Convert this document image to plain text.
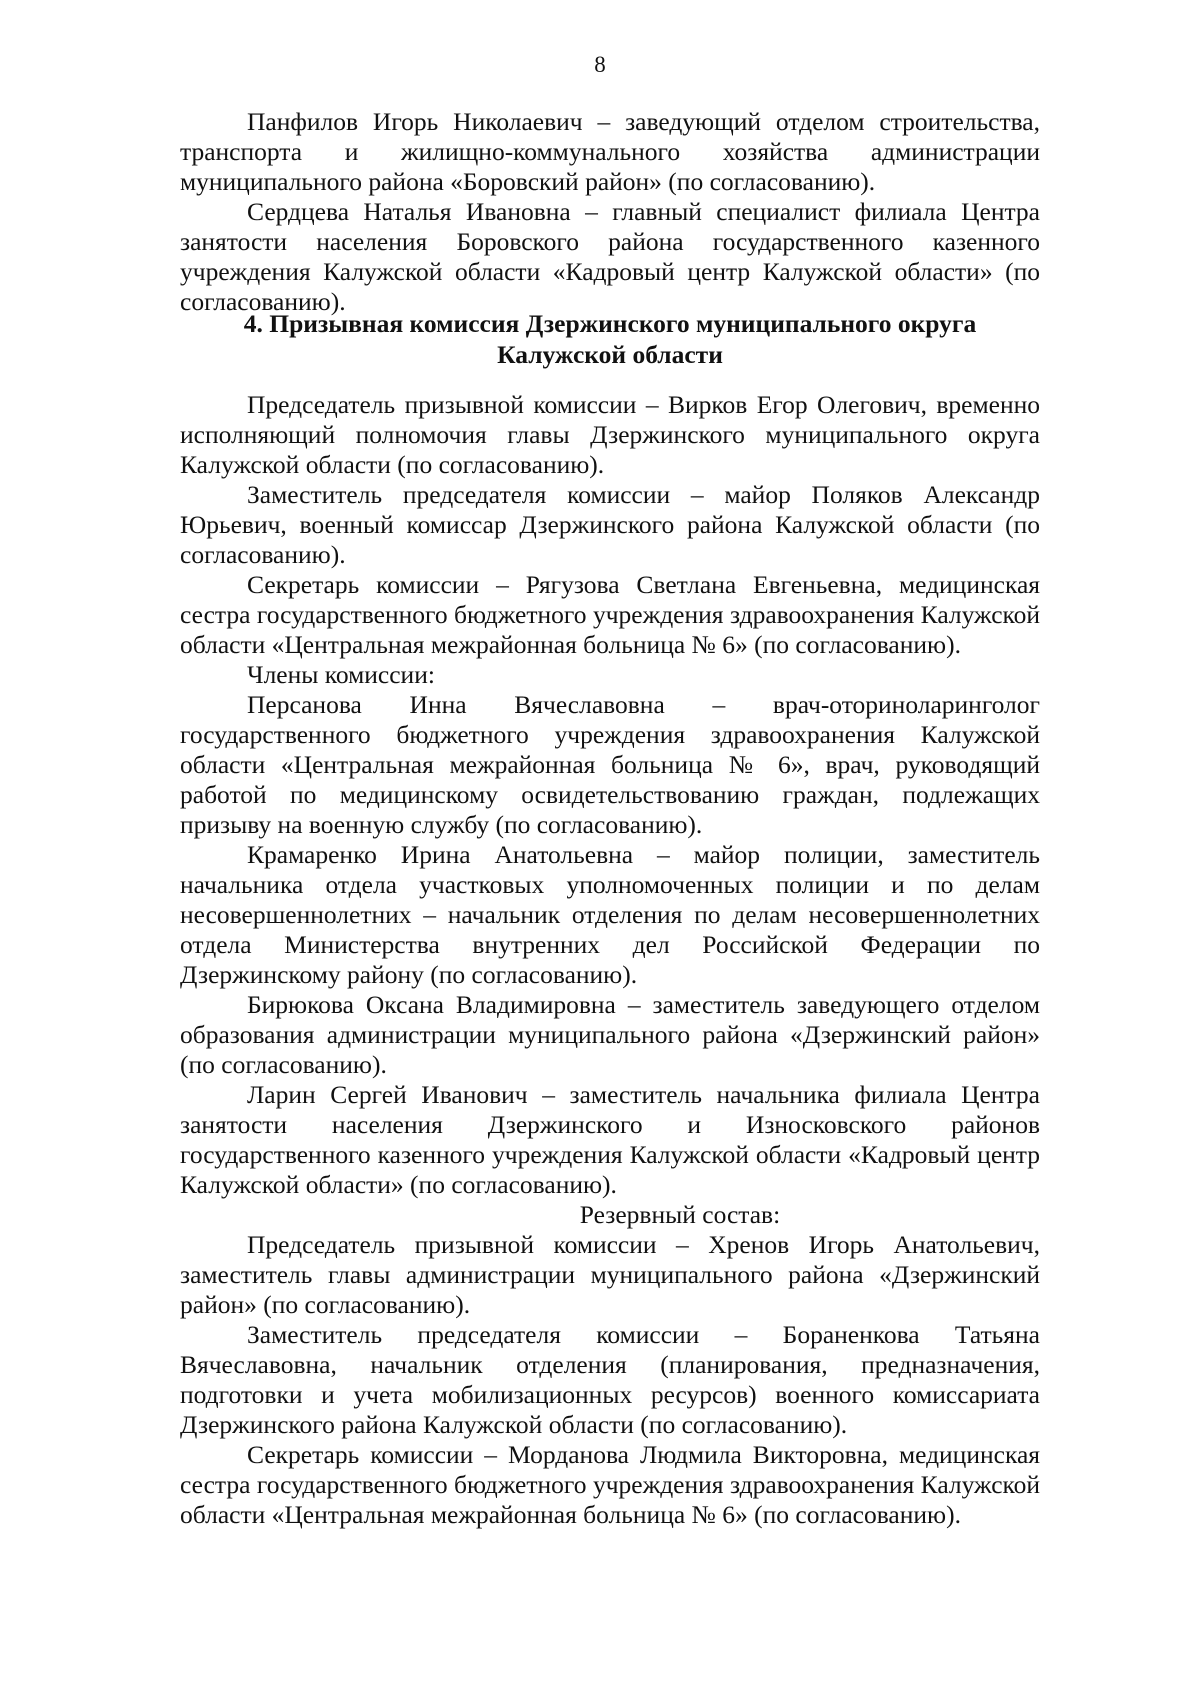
8

Панфилов Игорь Николаевич – заведующий отделом строительства, транспорта и жилищно-коммунального хозяйства администрации муниципального района «Боровский район» (по согласованию).

Сердцева Наталья Ивановна – главный специалист филиала Центра занятости населения Боровского района государственного казенного учреждения Калужской области «Кадровый центр Калужской области» (по согласованию).

4. Призывная комиссия Дзержинского муниципального округа
Калужской области

Председатель призывной комиссии – Вирков Егор Олегович, временно исполняющий полномочия главы Дзержинского муниципального округа Калужской области (по согласованию).

Заместитель председателя комиссии – майор Поляков Александр Юрьевич, военный комиссар Дзержинского района Калужской области (по согласованию).

Секретарь комиссии – Рягузова Светлана Евгеньевна, медицинская сестра государственного бюджетного учреждения здравоохранения Калужской области «Центральная межрайонная больница № 6» (по согласованию).

Члены комиссии:

Персанова Инна Вячеславовна – врач-оториноларинголог государственного бюджетного учреждения здравоохранения Калужской области «Центральная межрайонная больница № 6», врач, руководящий работой по медицинскому освидетельствованию граждан, подлежащих призыву на военную службу (по согласованию).

Крамаренко Ирина Анатольевна – майор полиции, заместитель начальника отдела участковых уполномоченных полиции и по делам несовершеннолетних – начальник отделения по делам несовершеннолетних отдела Министерства внутренних дел Российской Федерации по Дзержинскому району (по согласованию).

Бирюкова Оксана Владимировна – заместитель заведующего отделом образования администрации муниципального района «Дзержинский район» (по согласованию).

Ларин Сергей Иванович – заместитель начальника филиала Центра занятости населения Дзержинского и Износковского районов государственного казенного учреждения Калужской области «Кадровый центр Калужской области» (по согласованию).

Резервный состав:

Председатель призывной комиссии – Хренов Игорь Анатольевич, заместитель главы администрации муниципального района «Дзержинский район» (по согласованию).

Заместитель председателя комиссии – Бораненкова Татьяна Вячеславовна, начальник отделения (планирования, предназначения, подготовки и учета мобилизационных ресурсов) военного комиссариата Дзержинского района Калужской области (по согласованию).

Секретарь комиссии – Морданова Людмила Викторовна, медицинская сестра государственного бюджетного учреждения здравоохранения Калужской области «Центральная межрайонная больница № 6» (по согласованию).
